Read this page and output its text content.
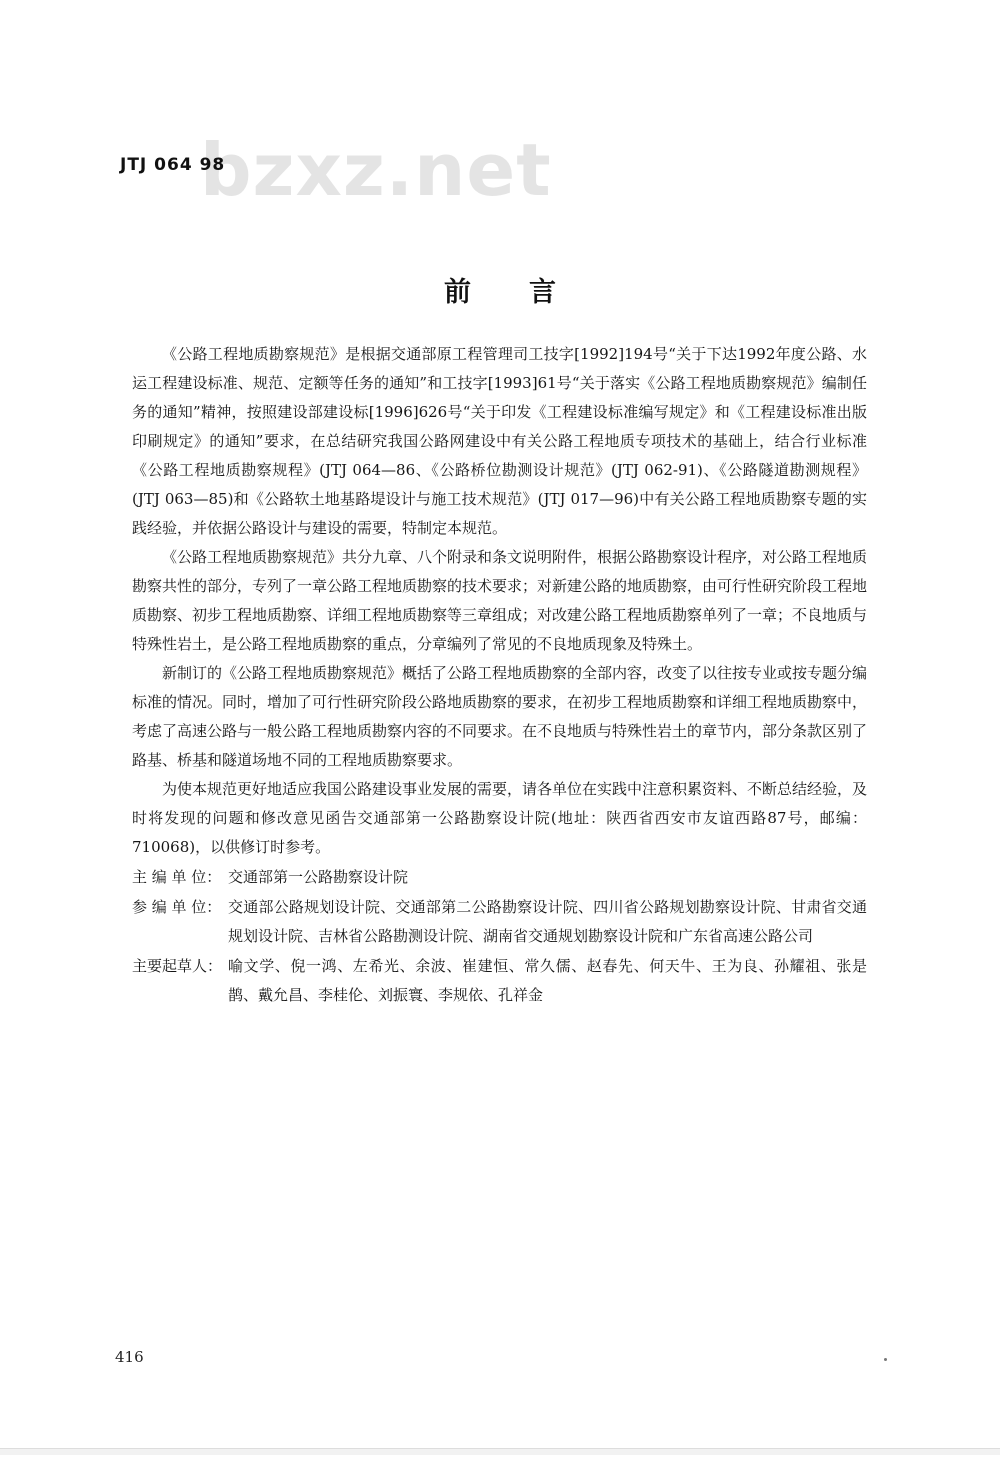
bzxz.net
JTJ 064 98
前言

《公路工程地质勘察规范》是根据交通部原工程管理司工技字[1992]194号“关于下达1992年度公路、水运工程建设标准、规范、定额等任务的通知”和工技字[1993]61号“关于落实《公路工程地质勘察规范》编制任务的通知”精神，按照建设部建设标[1996]626号“关于印发《工程建设标准编写规定》和《工程建设标准出版印刷规定》的通知”要求，在总结研究我国公路网建设中有关公路工程地质专项技术的基础上，结合行业标准《公路工程地质勘察规程》(JTJ 064—86、《公路桥位勘测设计规范》(JTJ 062-91)、《公路隧道勘测规程》(JTJ 063—85)和《公路软土地基路堤设计与施工技术规范》(JTJ 017—96)中有关公路工程地质勘察专题的实践经验，并依据公路设计与建设的需要，特制定本规范。

《公路工程地质勘察规范》共分九章、八个附录和条文说明附件，根据公路勘察设计程序，对公路工程地质勘察共性的部分，专列了一章公路工程地质勘察的技术要求；对新建公路的地质勘察，由可行性研究阶段工程地质勘察、初步工程地质勘察、详细工程地质勘察等三章组成；对改建公路工程地质勘察单列了一章；不良地质与特殊性岩土，是公路工程地质勘察的重点，分章编列了常见的不良地质现象及特殊土。

新制订的《公路工程地质勘察规范》概括了公路工程地质勘察的全部内容，改变了以往按专业或按专题分编标准的情况。同时，增加了可行性研究阶段公路地质勘察的要求，在初步工程地质勘察和详细工程地质勘察中，考虑了高速公路与一般公路工程地质勘察内容的不同要求。在不良地质与特殊性岩土的章节内，部分条款区别了路基、桥基和隧道场地不同的工程地质勘察要求。

为使本规范更好地适应我国公路建设事业发展的需要，请各单位在实践中注意积累资料、不断总结经验，及时将发现的问题和修改意见函告交通部第一公路勘察设计院(地址：陕西省西安市友谊西路87号，邮编：710068)，以供修订时参考。

主 编 单 位： 交通部第一公路勘察设计院
参 编 单 位： 交通部公路规划设计院、交通部第二公路勘察设计院、四川省公路规划勘察设计院、甘肃省交通规划设计院、吉林省公路勘测设计院、湖南省交通规划勘察设计院和广东省高速公路公司
主要起草人： 喻文学、倪一鸿、左希光、余波、崔建恒、常久儒、赵春先、何天牛、王为良、孙耀祖、张是鹊、戴允昌、李桂伦、刘振寰、李规依、孔祥金
416
